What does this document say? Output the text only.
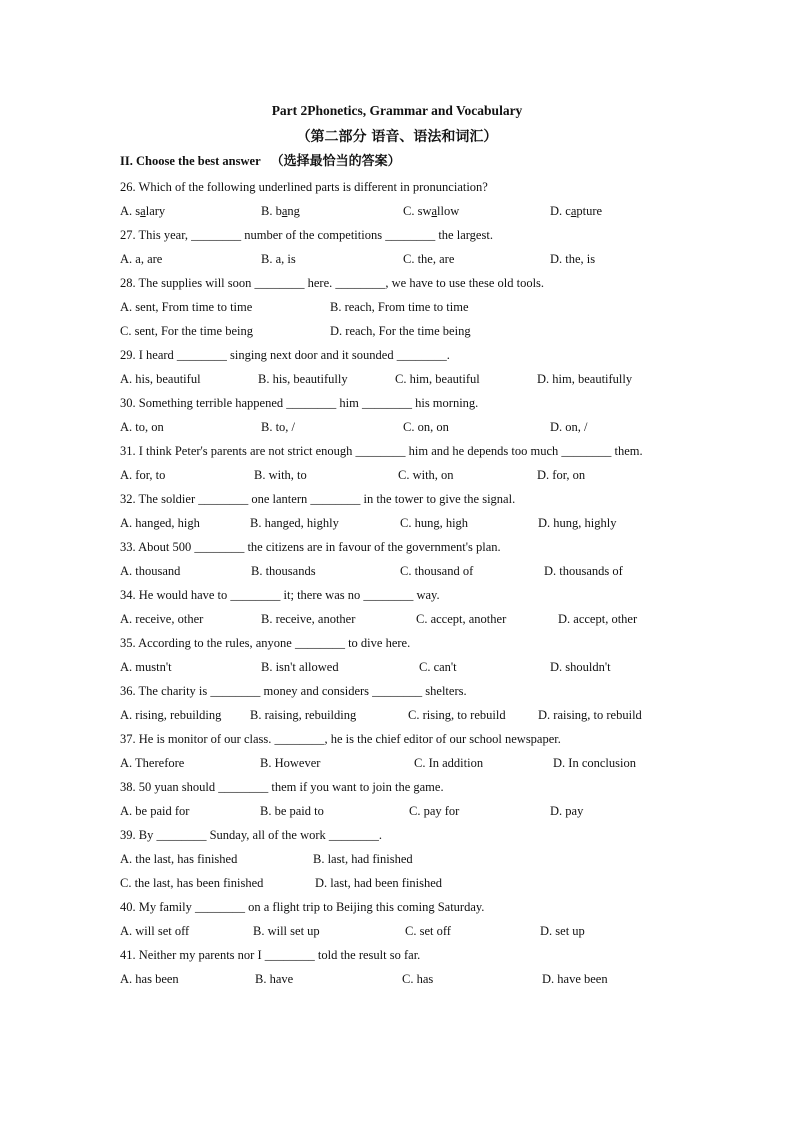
Part 2Phonetics, Grammar and Vocabulary
（第二部分 语音、语法和词汇）
II. Choose the best answer （选择最恰当的答案）
26. Which of the following underlined parts is different in pronunciation?
A. salary	B. bang	C. swallow	D. capture
27. This year, ________ number of the competitions ________ the largest.
A. a, are	B. a, is	C. the, are	D. the, is
28. The supplies will soon ________ here. ________, we have to use these old tools.
A. sent, From time to time	B. reach, From time to time
C. sent, For the time being	D. reach, For the time being
29. I heard ________ singing next door and it sounded ________.
A. his, beautiful	B. his, beautifully	C. him, beautiful	D. him, beautifully
30. Something terrible happened ________ him ________ his morning.
A. to, on	B. to, /	C. on, on	D. on, /
31. I think Peter's parents are not strict enough ________ him and he depends too much ________ them.
A. for, to	B. with, to	C. with, on	D. for, on
32. The soldier ________ one lantern ________ in the tower to give the signal.
A. hanged, high	B. hanged, highly	C. hung, high	D. hung, highly
33. About 500 ________ the citizens are in favour of the government's plan.
A. thousand	B. thousands	C. thousand of	D. thousands of
34. He would have to ________ it; there was no ________ way.
A. receive, other	B. receive, another	C. accept, another	D. accept, other
35. According to the rules, anyone ________ to dive here.
A. mustn't	B. isn't allowed	C. can't	D. shouldn't
36. The charity is ________ money and considers ________ shelters.
A. rising, rebuilding B. raising, rebuilding	C. rising, to rebuild	D. raising, to rebuild
37. He is monitor of our class. ________, he is the chief editor of our school newspaper.
A. Therefore	B. However	C. In addition	D. In conclusion
38. 50 yuan should ________ them if you want to join the game.
A. be paid for	B. be paid to	C. pay for	D. pay
39. By ________ Sunday, all of the work ________.
A. the last, has finished	B. last, had finished
C. the last, has been finished	D. last, had been finished
40. My family ________ on a flight trip to Beijing this coming Saturday.
A. will set off	B. will set up	C. set off	D. set up
41. Neither my parents nor I ________ told the result so far.
A. has been	B. have	C. has	D. have been
